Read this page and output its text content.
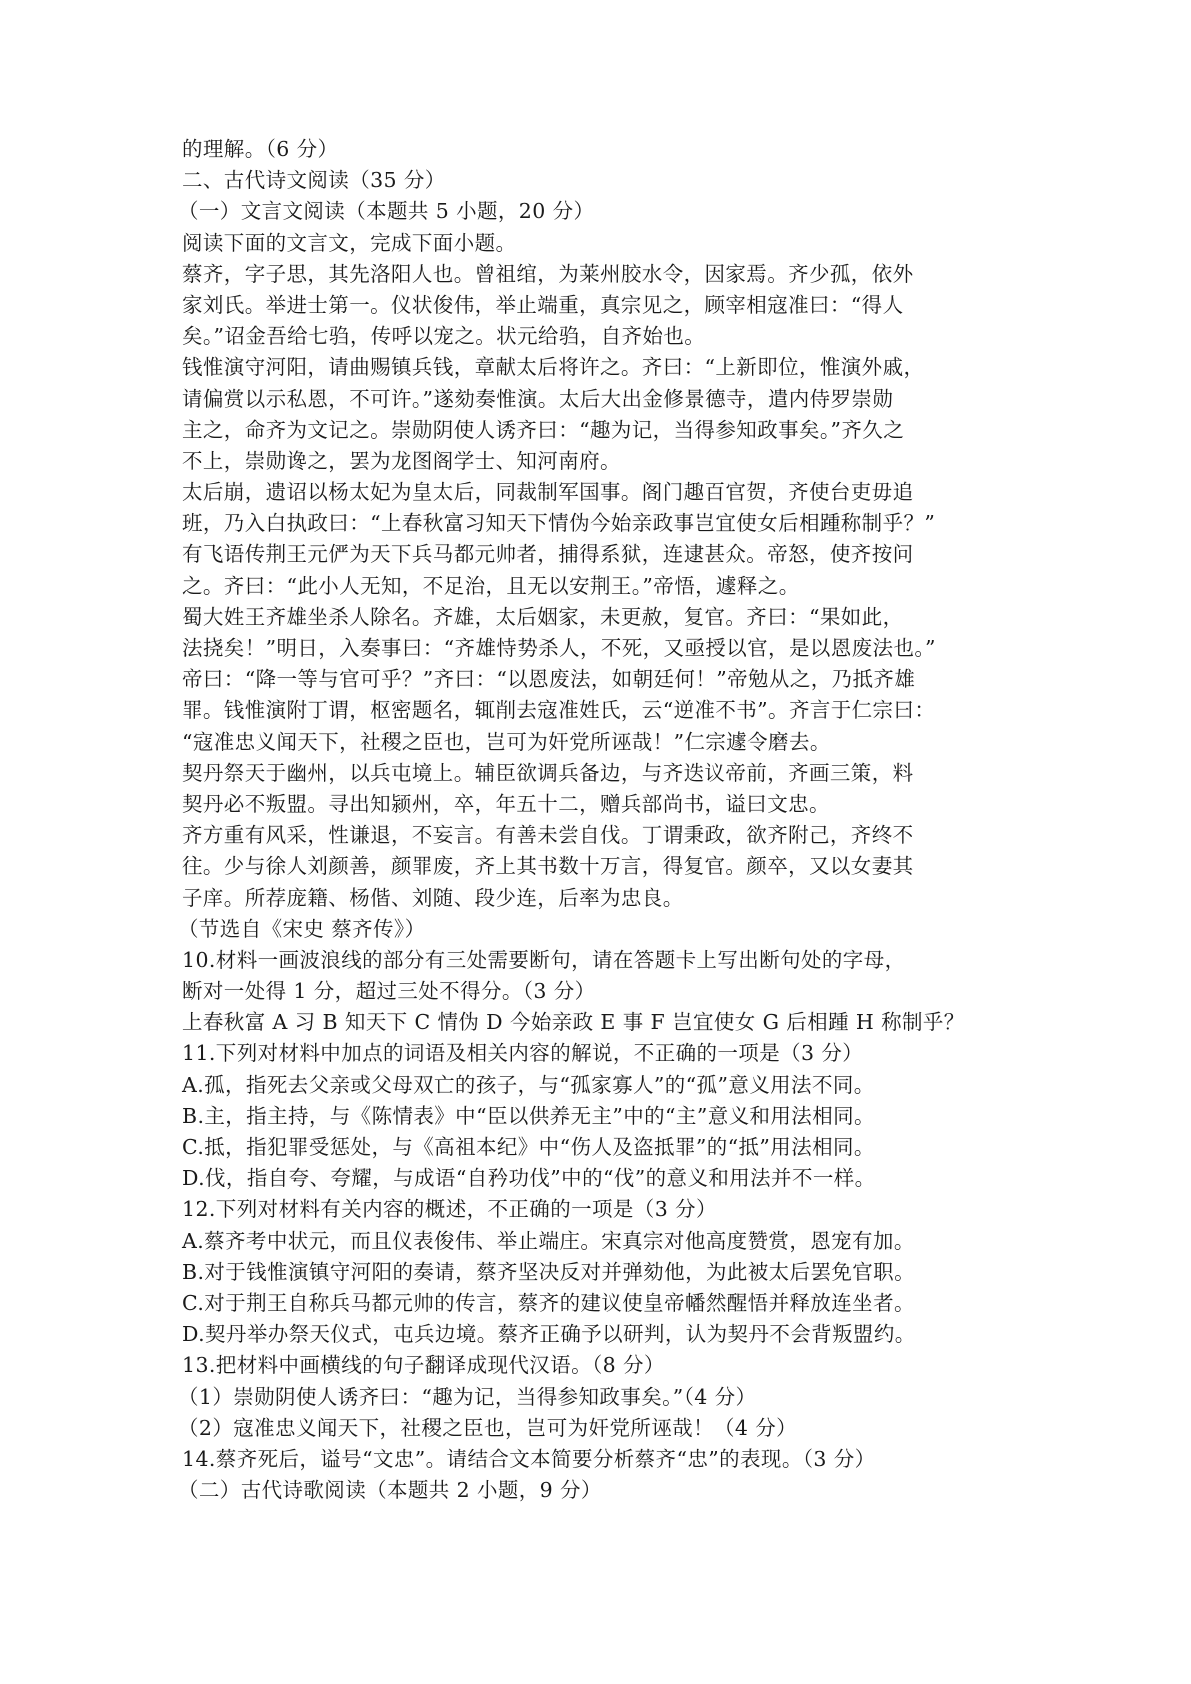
的理解。（6 分）
二、古代诗文阅读（35 分）
（一）文言文阅读（本题共 5 小题，20 分）
阅读下面的文言文，完成下面小题。
蔡齐，字子思，其先洛阳人也。曾祖绾，为莱州胶水令，因家焉。齐少孤，依外
家刘氏。举进士第一。仪状俊伟，举止端重，真宗见之，顾宰相寇准曰：“得人
矣。”诏金吾给七驺，传呼以宠之。状元给驺，自齐始也。
钱惟演守河阳，请曲赐镇兵钱，章献太后将许之。齐曰：“上新即位，惟演外戚，
请偏赏以示私恩，不可许。”遂劾奏惟演。太后大出金修景德寺，遣内侍罗崇勋
主之，命齐为文记之。崇勋阴使人诱齐曰：“趣为记，当得参知政事矣。”齐久之
不上，崇勋谗之，罢为龙图阁学士、知河南府。
太后崩，遗诏以杨太妃为皇太后，同裁制军国事。阁门趣百官贺，齐使台吏毋追
班，乃入白执政曰：“上春秋富习知天下情伪今始亲政事岂宜使女后相踵称制乎？”
有飞语传荆王元俨为天下兵马都元帅者，捕得系狱，连逮甚众。帝怒，使齐按问
之。齐曰：“此小人无知，不足治，且无以安荆王。”帝悟，遽释之。
蜀大姓王齐雄坐杀人除名。齐雄，太后姻家，未更赦，复官。齐曰：“果如此，
法挠矣！”明日，入奏事曰：“齐雄恃势杀人，不死，又亟授以官，是以恩废法也。”
帝曰：“降一等与官可乎？”齐曰：“以恩废法，如朝廷何！”帝勉从之，乃抵齐雄
罪。钱惟演附丁谓，枢密题名，辄削去寇准姓氏，云“逆准不书”。齐言于仁宗曰：
“寇准忠义闻天下，社稷之臣也，岂可为奸党所诬哉！”仁宗遽令磨去。
契丹祭天于幽州，以兵屯境上。辅臣欲调兵备边，与齐迭议帝前，齐画三策，料
契丹必不叛盟。寻出知颍州，卒，年五十二，赠兵部尚书，谥曰文忠。
齐方重有风采，性谦退，不妄言。有善未尝自伐。丁谓秉政，欲齐附己，齐终不
往。少与徐人刘颜善，颜罪废，齐上其书数十万言，得复官。颜卒，又以女妻其
子庠。所荐庞籍、杨偕、刘随、段少连，后率为忠良。
（节选自《宋史 蔡齐传》）
10.材料一画波浪线的部分有三处需要断句，请在答题卡上写出断句处的字母，
断对一处得 1 分，超过三处不得分。（3 分）
上春秋富 A 习 B 知天下 C 情伪 D 今始亲政 E 事 F 岂宜使女 G 后相踵 H 称制乎？
11.下列对材料中加点的词语及相关内容的解说，不正确的一项是（3 分）
A.孤，指死去父亲或父母双亡的孩子，与“孤家寡人”的“孤”意义用法不同。
B.主，指主持，与《陈情表》中“臣以供养无主”中的“主”意义和用法相同。
C.抵，指犯罪受惩处，与《高祖本纪》中“伤人及盗抵罪”的“抵”用法相同。
D.伐，指自夸、夸耀，与成语“自矜功伐”中的“伐”的意义和用法并不一样。
12.下列对材料有关内容的概述，不正确的一项是（3 分）
A.蔡齐考中状元，而且仪表俊伟、举止端庄。宋真宗对他高度赞赏，恩宠有加。
B.对于钱惟演镇守河阳的奏请，蔡齐坚决反对并弹劾他，为此被太后罢免官职。
C.对于荆王自称兵马都元帅的传言，蔡齐的建议使皇帝幡然醒悟并释放连坐者。
D.契丹举办祭天仪式，屯兵边境。蔡齐正确予以研判，认为契丹不会背叛盟约。
13.把材料中画横线的句子翻译成现代汉语。（8 分）
（1）崇勋阴使人诱齐曰：“趣为记，当得参知政事矣。”（4 分）
（2）寇准忠义闻天下，社稷之臣也，岂可为奸党所诬哉！（4 分）
14.蔡齐死后，谥号“文忠”。请结合文本简要分析蔡齐“忠”的表现。（3 分）
（二）古代诗歌阅读（本题共 2 小题，9 分）
